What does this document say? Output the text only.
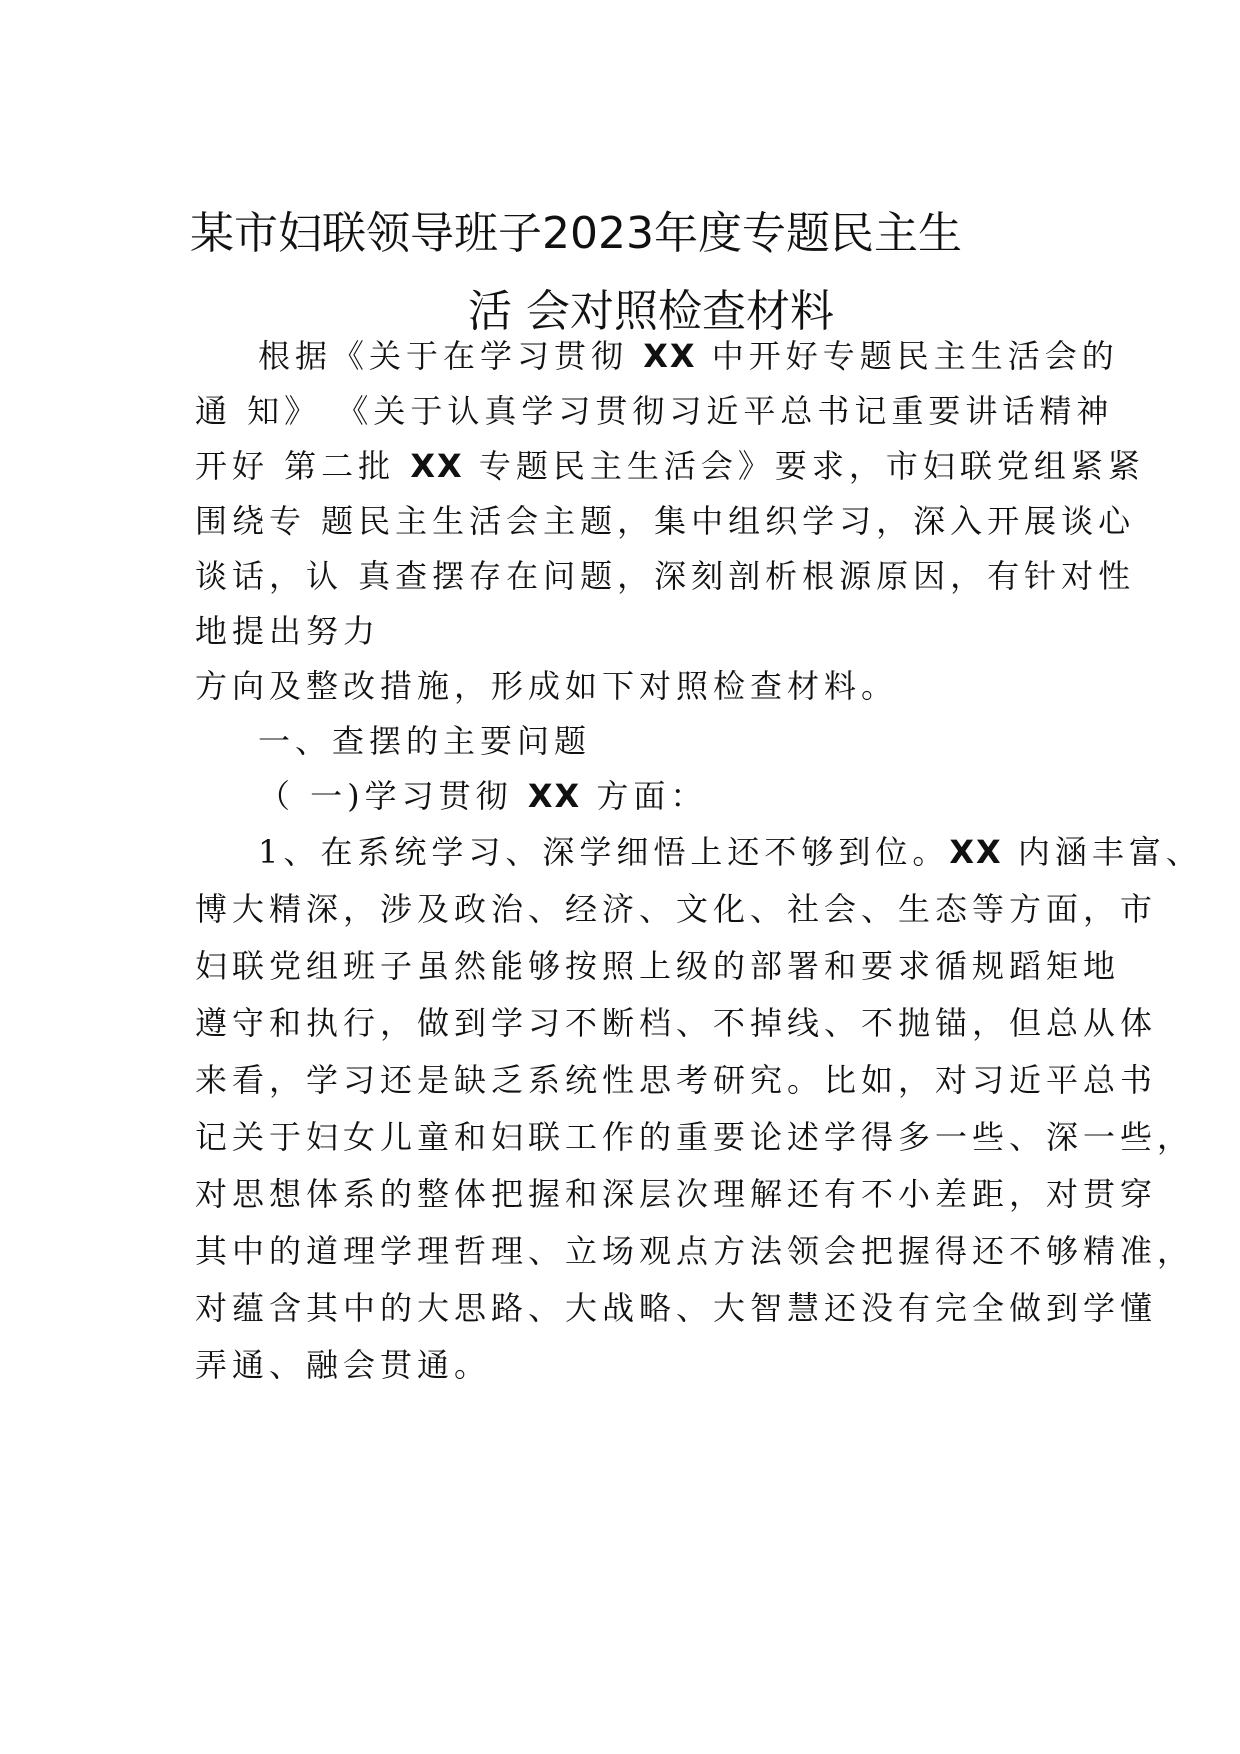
某市妇联领导班子2023年度专题民主生
活 会对照检查材料
根据《关于在学习贯彻 XX 中开好专题民主生活会的
通 知》 《关于认真学习贯彻习近平总书记重要讲话精神
开好 第二批 XX 专题民主生活会》要求，市妇联党组紧紧
围绕专 题民主生活会主题，集中组织学习，深入开展谈心
谈话，认 真查摆存在问题，深刻剖析根源原因，有针对性
地提出努力
方向及整改措施，形成如下对照检查材料。
一、查摆的主要问题
（ 一)学习贯彻 XX 方面：
1、在系统学习、深学细悟上还不够到位。XX 内涵丰富、
博大精深，涉及政治、经济、文化、社会、生态等方面，市
妇联党组班子虽然能够按照上级的部署和要求循规蹈矩地
遵守和执行，做到学习不断档、不掉线、不抛锚，但总从体
来看，学习还是缺乏系统性思考研究。比如，对习近平总书
记关于妇女儿童和妇联工作的重要论述学得多一些、深一些，
对思想体系的整体把握和深层次理解还有不小差距，对贯穿
其中的道理学理哲理、立场观点方法领会把握得还不够精准，
对蕴含其中的大思路、大战略、大智慧还没有完全做到学懂
弄通、融会贯通。
